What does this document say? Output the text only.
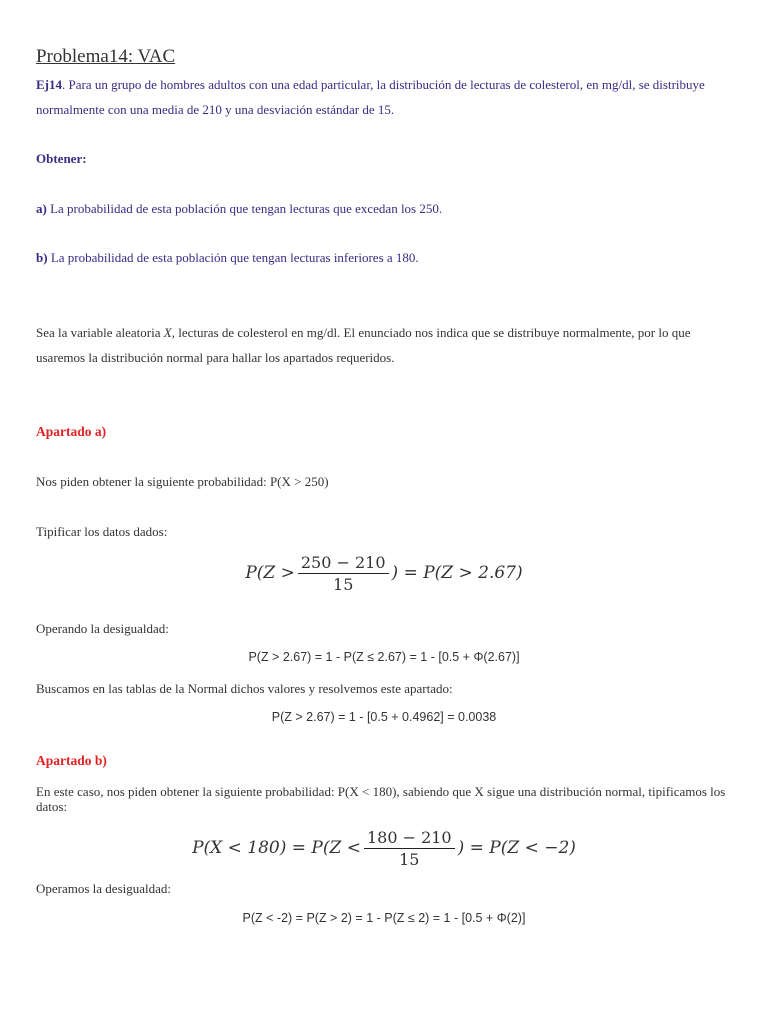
Problema14: VAC
Ej14. Para un grupo de hombres adultos con una edad particular, la distribución de lecturas de colesterol, en mg/dl, se distribuye normalmente con una media de 210 y una desviación estándar de 15.
Obtener:
a) La probabilidad de esta población que tengan lecturas que excedan los 250.
b) La probabilidad de esta población que tengan lecturas inferiores a 180.
Sea la variable aleatoria X, lecturas de colesterol en mg/dl. El enunciado nos indica que se distribuye normalmente, por lo que usaremos la distribución normal para hallar los apartados requeridos.
Apartado a)
Nos piden obtener la siguiente probabilidad: P(X > 250)
Tipificar los datos dados:
$P(Z > \frac{250 - 210}{15}$ ) = P(Z > 2.67)
Operando la desigualdad:
P(Z > 2.67) = 1 - P(Z ≤ 2.67) = 1 - [0.5 + Φ(2.67)]
Buscamos en las tablas de la Normal dichos valores y resolvemos este apartado:
P(Z > 2.67) = 1 - [0.5 + 0.4962] = 0.0038
Apartado b)
En este caso, nos piden obtener la siguiente probabilidad: P(X < 180), sabiendo que X sigue una distribución normal, tipificamos los datos:
$P(X < 180) = P(Z < \frac{180 - 210}{15}$ ) = P(Z < −2)
Operamos la desigualdad:
P(Z < -2) = P(Z > 2) = 1 - P(Z ≤ 2) = 1 - [0.5 + Φ(2)]
